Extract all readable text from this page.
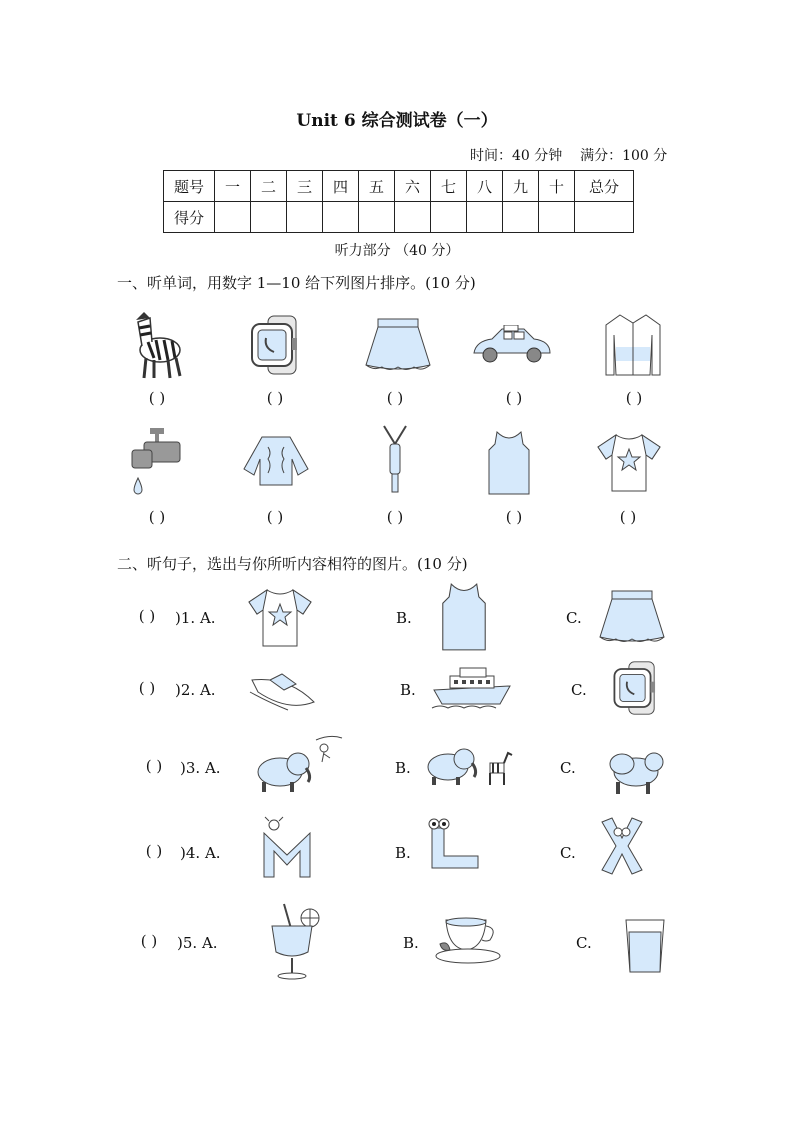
Unit 6 综合测试卷（一）
时间：40 分钟 满分：100 分
题号	一	二	三	四	五	六	七	八	九	十	总分
得分											
听力部分 （40 分）
一、听单词，用数字 1—10 给下列图片排序。(10 分)
( )	( )	( )	( )	( )
( )	( )	( )	( )	( )
二、听句子，选出与你所听内容相符的图片。(10 分)
( )	)1. A.	B.	C.
( )	)2. A.	B.	C.
( )	)3. A.	B.	C.
( )	)4. A.	B.	C.
( )	)5. A.	B.	C.
